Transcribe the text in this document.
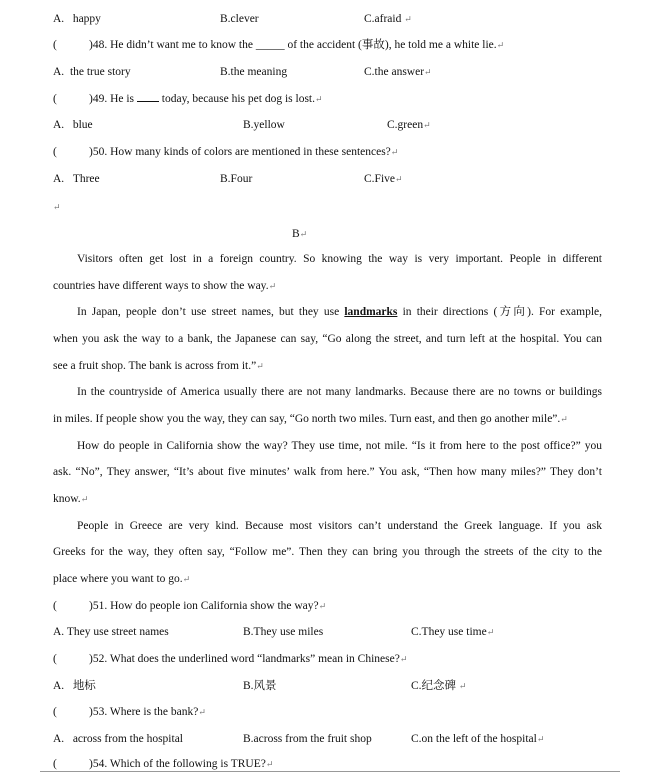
A. happy	B.clever	C.afraid ↵
(	)48. He didn’t want me to know the _____ of the accident (事故), he told me a white lie.↵
A. the true story	B.the meaning	C.the answer↵
(	)49. He is today, because his pet dog is lost.↵
A. blue	B.yellow	C.green↵
(	)50. How many kinds of colors are mentioned in these sentences?↵
A. Three	B.Four	C.Five↵
↵
B↵
Visitors often get lost in a foreign country. So knowing the way is very important. People in different
countries have different ways to show the way.↵
In Japan, people don’t use street names, but they use landmarks in their directions (方向). For example,
when you ask the way to a bank, the Japanese can say, “Go along the street, and turn left at the hospital. You can
see a fruit shop. The bank is across from it.”↵
In the countryside of America usually there are not many landmarks. Because there are no towns or buildings
in miles. If people show you the way, they can say, “Go north two miles. Turn east, and then go another mile”.↵
How do people in California show the way? They use time, not mile. “Is it from here to the post office?” you
ask. “No”, They answer, “It’s about five minutes’ walk from here.” You ask, “Then how many miles?” They don’t
know.↵
People in Greece are very kind. Because most visitors can’t understand the Greek language. If you ask
Greeks for the way, they often say, “Follow me”. Then they can bring you through the streets of the city to the
place where you want to go.↵
(	)51. How do people ion California show the way?↵
A. They use street names	B.They use miles	C.They use time↵
(	)52. What does the underlined word “landmarks” mean in Chinese?↵
A. 地标	B.风景	C.纪念碑 ↵
(	)53. Where is the bank?↵
A. across from the hospital	B.across from the fruit shop	C.on the left of the hospital↵
(	)54. Which of the following is TRUE?↵
